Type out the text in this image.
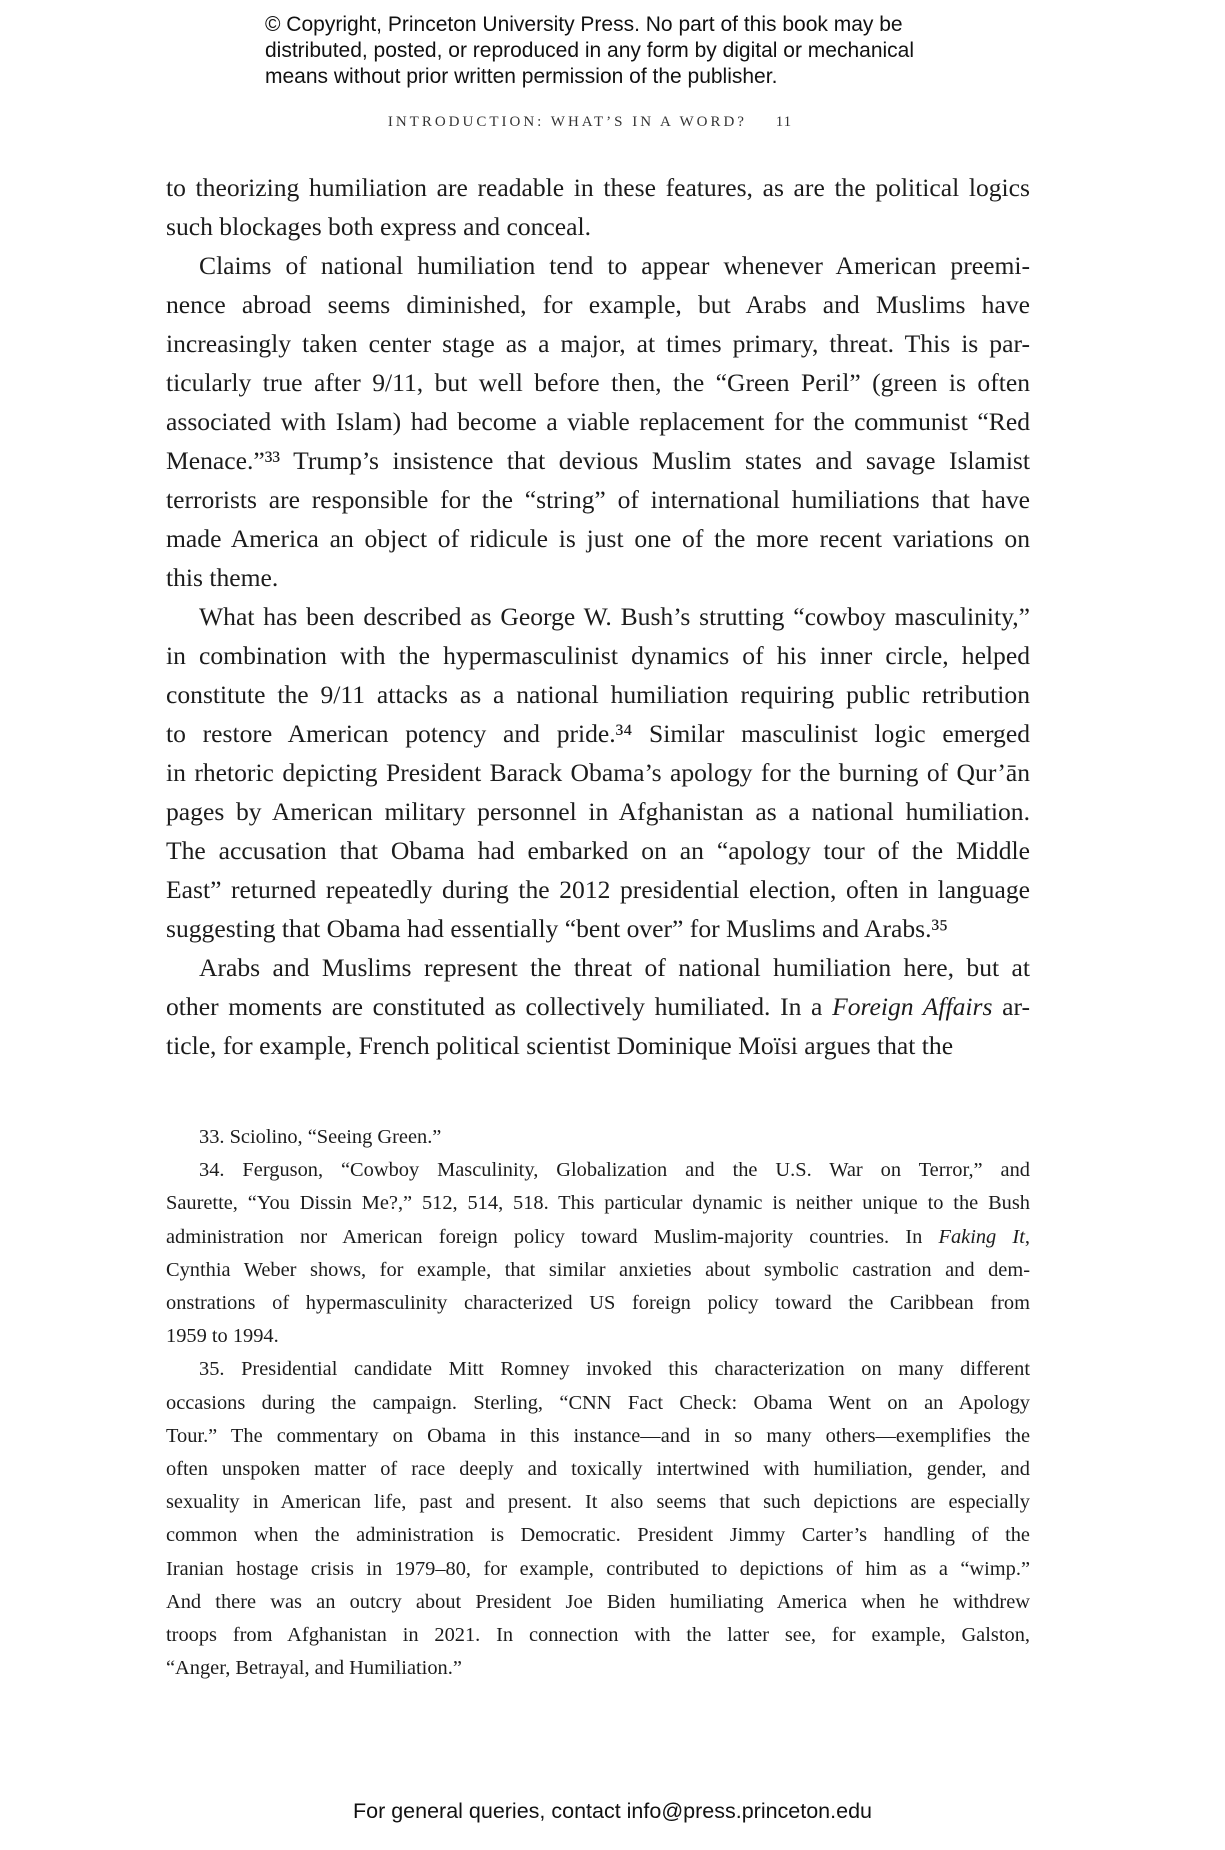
© Copyright, Princeton University Press. No part of this book may be
distributed, posted, or reproduced in any form by digital or mechanical
means without prior written permission of the publisher.
INTRODUCTION: WHAT’S IN A WORD? 11
to theorizing humiliation are readable in these features, as are the political logics
such blockages both express and conceal.
Claims of national humiliation tend to appear whenever American preemi-
nence abroad seems diminished, for example, but Arabs and Muslims have
increasingly taken center stage as a major, at times primary, threat. This is par-
ticularly true after 9/11, but well before then, the “Green Peril” (green is often
associated with Islam) had become a viable replacement for the communist “Red
Menace.”³³ Trump’s insistence that devious Muslim states and savage Islamist
terrorists are responsible for the “string” of international humiliations that have
made America an object of ridicule is just one of the more recent variations on
this theme.
What has been described as George W. Bush’s strutting “cowboy masculinity,”
in combination with the hypermasculinist dynamics of his inner circle, helped
constitute the 9/11 attacks as a national humiliation requiring public retribution
to restore American potency and pride.³⁴ Similar masculinist logic emerged
in rhetoric depicting President Barack Obama’s apology for the burning of Qur’ān
pages by American military personnel in Afghanistan as a national humiliation.
The accusation that Obama had embarked on an “apology tour of the Middle
East” returned repeatedly during the 2012 presidential election, often in language
suggesting that Obama had essentially “bent over” for Muslims and Arabs.³⁵
Arabs and Muslims represent the threat of national humiliation here, but at
other moments are constituted as collectively humiliated. In a Foreign Affairs ar-
ticle, for example, French political scientist Dominique Moïsi argues that the
33. Sciolino, “Seeing Green.”
34. Ferguson, “Cowboy Masculinity, Globalization and the U.S. War on Terror,” and
Saurette, “You Dissin Me?,” 512, 514, 518. This particular dynamic is neither unique to the Bush
administration nor American foreign policy toward Muslim-majority countries. In Faking It,
Cynthia Weber shows, for example, that similar anxieties about symbolic castration and dem-
onstrations of hypermasculinity characterized US foreign policy toward the Caribbean from
1959 to 1994.
35. Presidential candidate Mitt Romney invoked this characterization on many different
occasions during the campaign. Sterling, “CNN Fact Check: Obama Went on an Apology
Tour.” The commentary on Obama in this instance—and in so many others—exemplifies the
often unspoken matter of race deeply and toxically intertwined with humiliation, gender, and
sexuality in American life, past and present. It also seems that such depictions are especially
common when the administration is Democratic. President Jimmy Carter’s handling of the
Iranian hostage crisis in 1979–80, for example, contributed to depictions of him as a “wimp.”
And there was an outcry about President Joe Biden humiliating America when he withdrew
troops from Afghanistan in 2021. In connection with the latter see, for example, Galston,
“Anger, Betrayal, and Humiliation.”
For general queries, contact info@press.princeton.edu
